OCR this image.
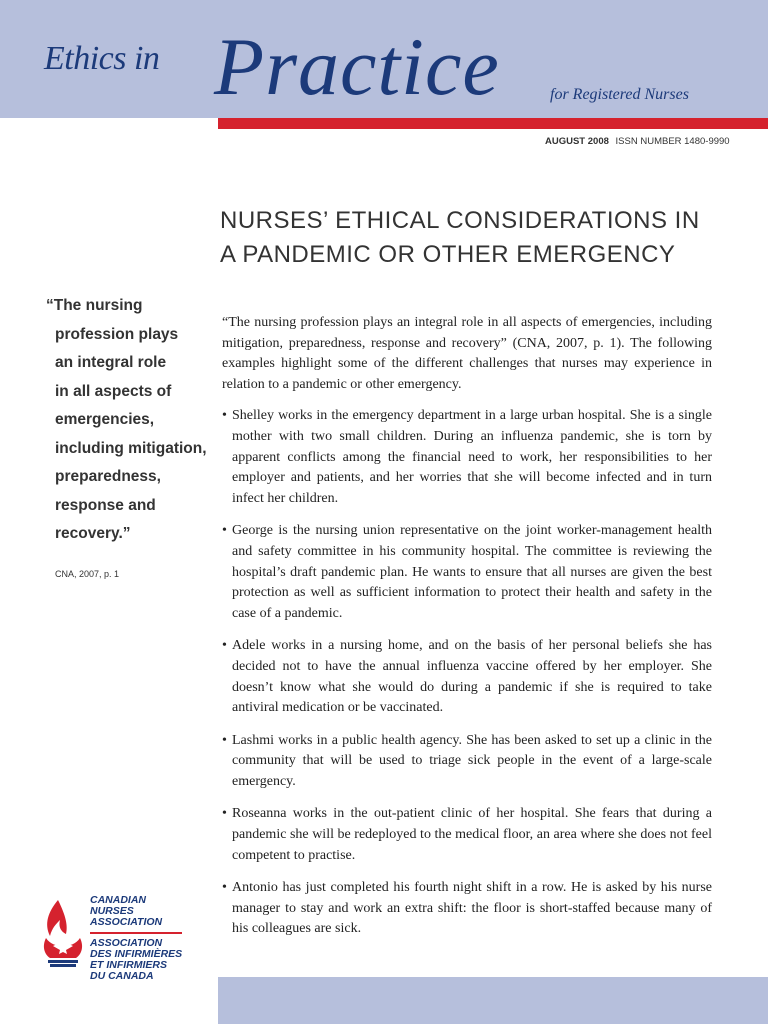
Ethics in Practice	for Registered Nurses
AUGUST 2008 ISSN NUMBER 1480-9990
NURSES’ ETHICAL CONSIDERATIONS IN
A PANDEMIC OR OTHER EMERGENCY
“The nursing
profession plays
an integral role
in all aspects of
emergencies,
including mitigation,
preparedness,
response and
recovery.”
CNA, 2007, p. 1

“The nursing profession plays an integral role in all aspects of emergencies, including mitigation, preparedness, response and recovery” (CNA, 2007, p. 1). The following examples highlight some of the different challenges that nurses may experience in relation to a pandemic or other emergency.

• Shelley works in the emergency department in a large urban hospital. She is a single mother with two small children. During an influenza pandemic, she is torn by apparent conflicts among the financial need to work, her responsibilities to her employer and patients, and her worries that she will become infected and in turn infect her children.

• George is the nursing union representative on the joint worker-management health and safety committee in his community hospital. The committee is reviewing the hospital’s draft pandemic plan. He wants to ensure that all nurses are given the best protection as well as sufficient information to protect their health and safety in the case of a pandemic.

• Adele works in a nursing home, and on the basis of her personal beliefs she has decided not to have the annual influenza vaccine offered by her employer. She doesn’t know what she would do during a pandemic if she is required to take antiviral medication or be vaccinated.

• Lashmi works in a public health agency. She has been asked to set up a clinic in the community that will be used to triage sick people in the event of a large-scale emergency.

• Roseanna works in the out-patient clinic of her hospital. She fears that during a pandemic she will be redeployed to the medical floor, an area where she does not feel competent to practise.

• Antonio has just completed his fourth night shift in a row. He is asked by his nurse manager to stay and work an extra shift: the floor is short-staffed because many of his colleagues are sick.

CANADIAN
NURSES
ASSOCIATION
ASSOCIATION
DES INFIRMIÈRES
ET INFIRMIERS
DU CANADA
